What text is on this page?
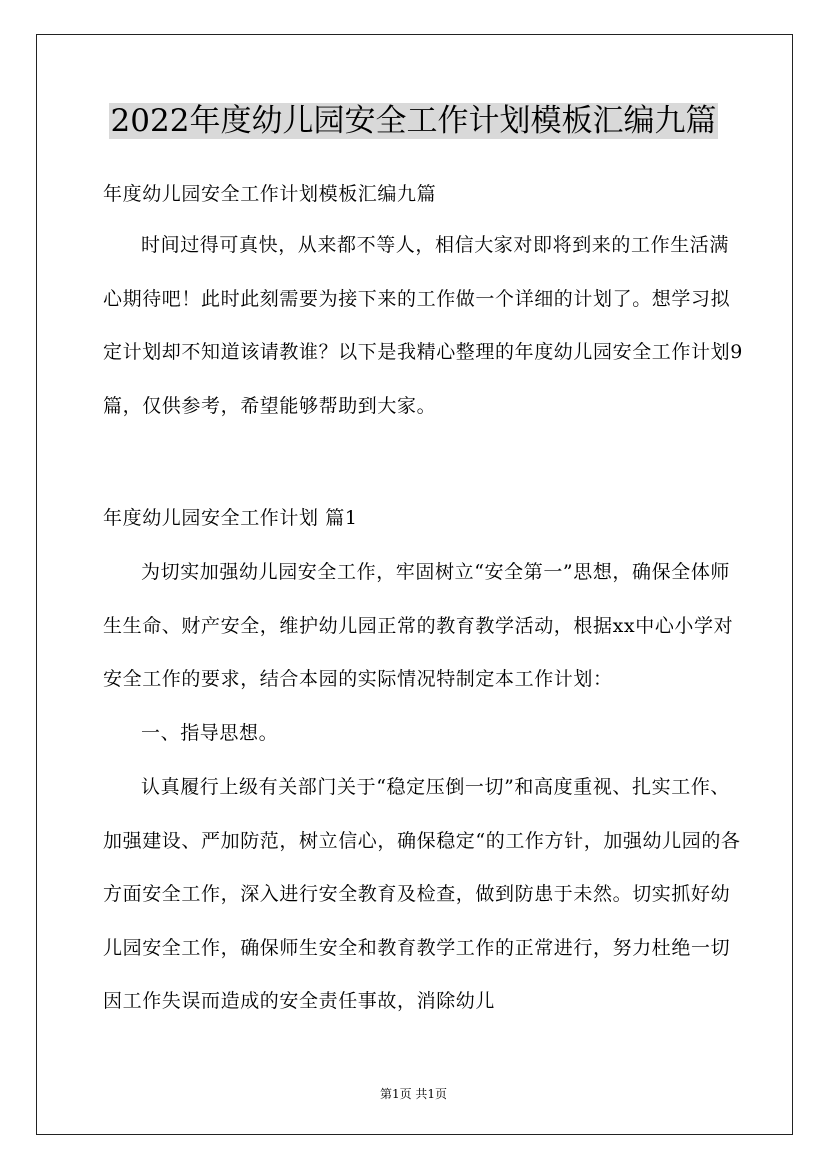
2022年度幼儿园安全工作计划模板汇编九篇
年度幼儿园安全工作计划模板汇编九篇
时间过得可真快，从来都不等人，相信大家对即将到来的工作生活满心期待吧！此时此刻需要为接下来的工作做一个详细的计划了。想学习拟定计划却不知道该请教谁？以下是我精心整理的年度幼儿园安全工作计划9篇，仅供参考，希望能够帮助到大家。
年度幼儿园安全工作计划 篇1
为切实加强幼儿园安全工作，牢固树立“安全第一”思想，确保全体师生生命、财产安全，维护幼儿园正常的教育教学活动，根据xx中心小学对安全工作的要求，结合本园的实际情况特制定本工作计划：
一、指导思想。
认真履行上级有关部门关于“稳定压倒一切”和高度重视、扎实工作、加强建设、严加防范，树立信心，确保稳定“的工作方针，加强幼儿园的各方面安全工作，深入进行安全教育及检查，做到防患于未然。切实抓好幼儿园安全工作，确保师生安全和教育教学工作的正常进行，努力杜绝一切因工作失误而造成的安全责任事故，消除幼儿
第1页 共1页
